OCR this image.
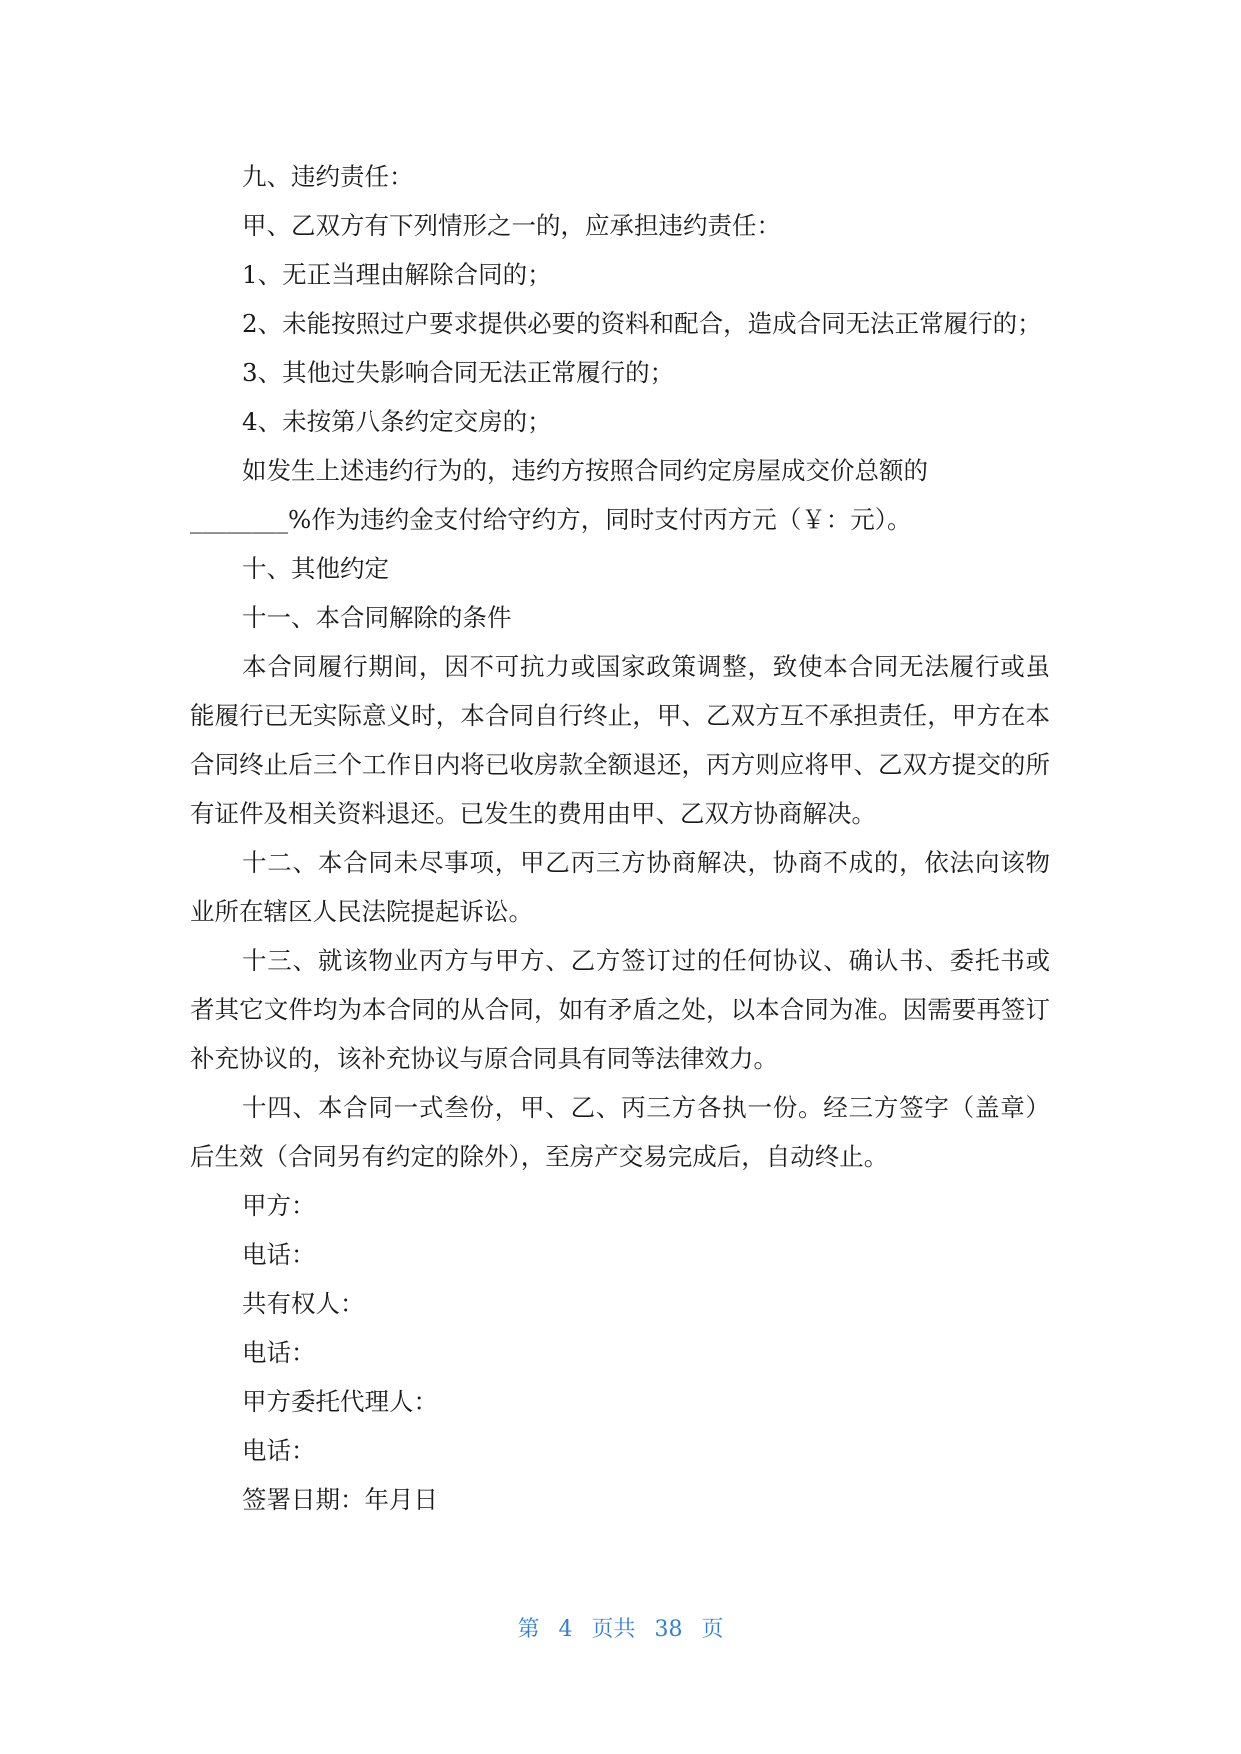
九、违约责任：

甲、乙双方有下列情形之一的，应承担违约责任：

1、无正当理由解除合同的；

2、未能按照过户要求提供必要的资料和配合，造成合同无法正常履行的；

3、其他过失影响合同无法正常履行的；

4、未按第八条约定交房的；

如发生上述违约行为的，违约方按照合同约定房屋成交价总额的

________%作为违约金支付给守约方，同时支付丙方元（￥：元）。

十、其他约定

十一、本合同解除的条件

本合同履行期间，因不可抗力或国家政策调整，致使本合同无法履行或虽能履行已无实际意义时，本合同自行终止，甲、乙双方互不承担责任，甲方在本合同终止后三个工作日内将已收房款全额退还，丙方则应将甲、乙双方提交的所有证件及相关资料退还。已发生的费用由甲、乙双方协商解决。

十二、本合同未尽事项，甲乙丙三方协商解决，协商不成的，依法向该物业所在辖区人民法院提起诉讼。

十三、就该物业丙方与甲方、乙方签订过的任何协议、确认书、委托书或者其它文件均为本合同的从合同，如有矛盾之处，以本合同为准。因需要再签订补充协议的，该补充协议与原合同具有同等法律效力。

十四、本合同一式叁份，甲、乙、丙三方各执一份。经三方签字（盖章）后生效（合同另有约定的除外），至房产交易完成后，自动终止。

甲方：

电话：

共有权人：

电话：

甲方委托代理人：

电话：

签署日期：年月日

第 4 页共 38 页
